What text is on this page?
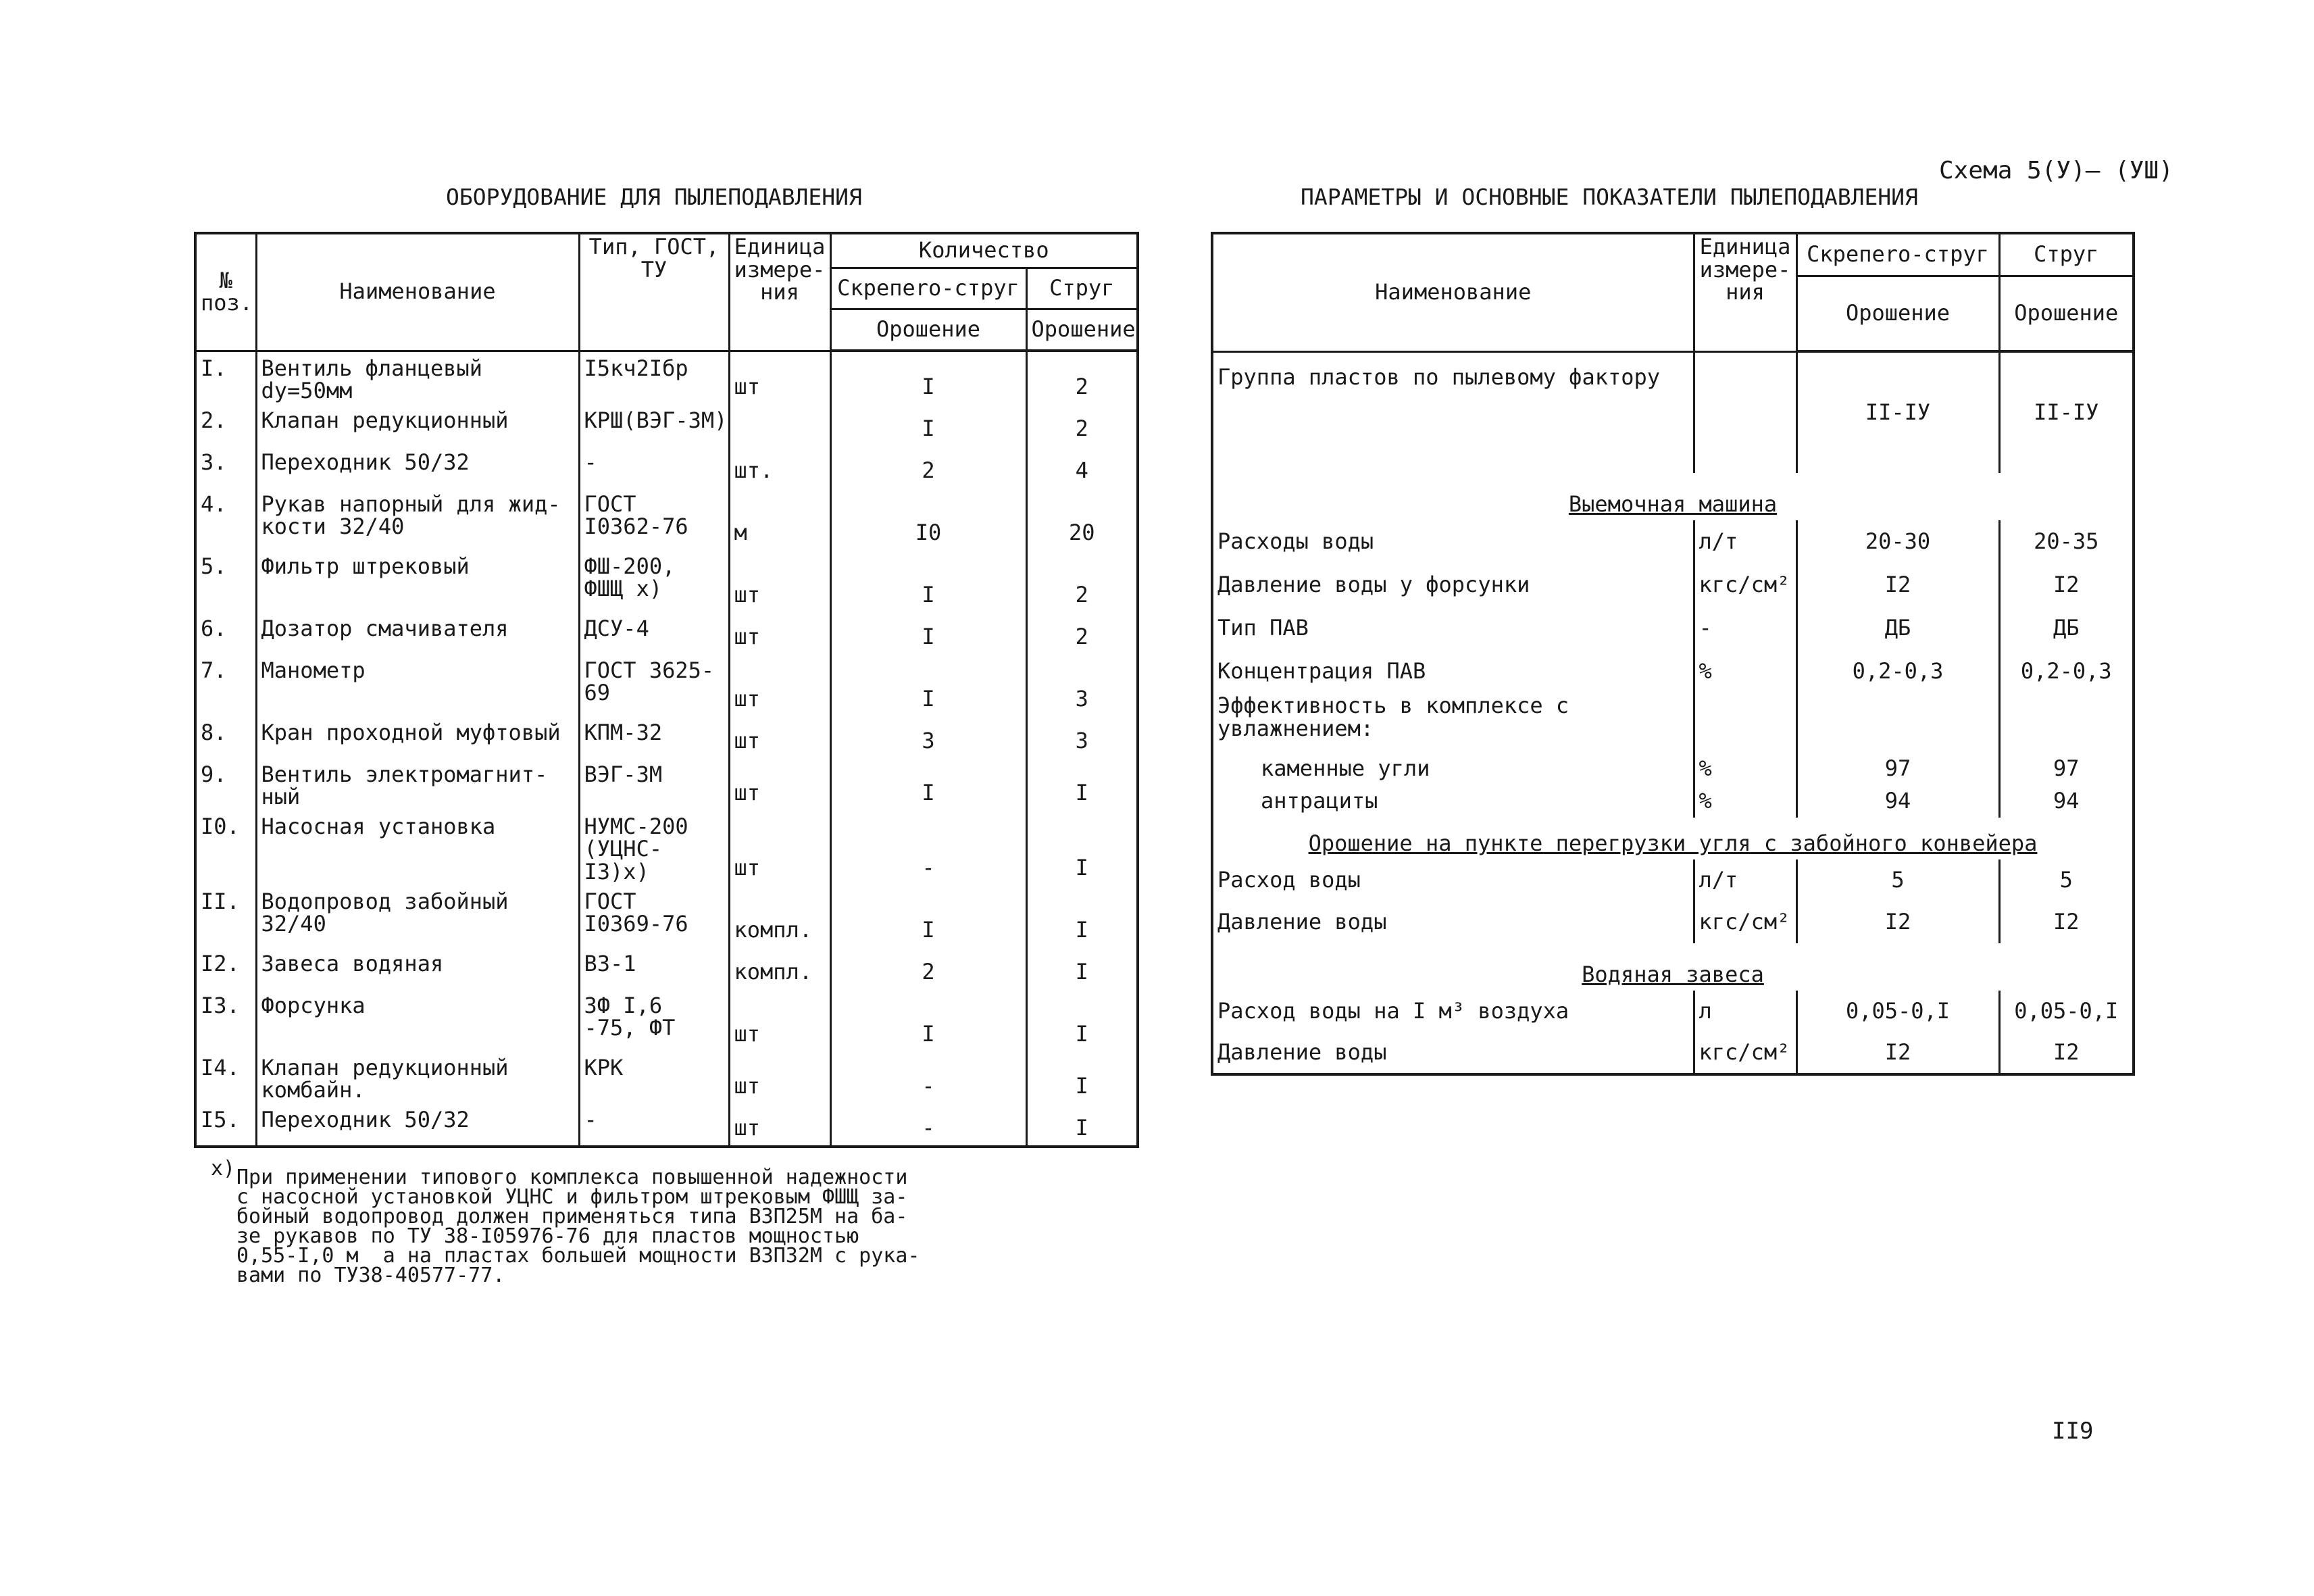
Схема 5(У)— (УШ)
ОБОРУДОВАНИЕ ДЛЯ ПЫЛЕПОДАВЛЕНИЯ	ПАРАМЕТРЫ И ОСНОВНЫЕ ПОКАЗАТЕЛИ ПЫЛЕПОДАВЛЕНИЯ
№ поз.	Наименование	Тип, ГОСТ, ТУ	Единица измере-ния	Количество	
				Скрепero-струг	Струг
				Орошение	Орошение
I.	Вентиль фланцевый dу=50мм	I5кч2Iбр	шт	I	2
2.	Клапан редукционный	КРШ(ВЭГ-3М)		I	2
3.	Переходник 50/32	-	шт.	2	4
4.	Рукав напорный для жид-кости 32/40	ГОСТ I0362-76	м	I0	20
5.	Фильтр штрековый	ФШ-200, ФШЩ х)	шт	I	2
6.	Дозатор смачивателя	ДСУ-4	шт	I	2
7.	Манометр	ГОСТ 3625-69	шт	I	3
8.	Кран проходной муфтовый	КПМ-32	шт	3	3
9.	Вентиль электромагнит-ный	ВЭГ-3М	шт	I	I
I0.	Насосная установка	НУМС-200 (УЦНС-I3)х)	шт	-	I
II.	Водопровод забойный 32/40	ГОСТ I0369-76	компл.	I	I
I2.	Завеса водяная	ВЗ-1	компл.	2	I
I3.	Форсунка	3Ф I,6 -75, ФТ	шт	I	I
I4.	Клапан редукционный комбайн.	КРК	шт	-	I
I5.	Переходник 50/32	-	шт	-	I
х) При применении типового комплекса повышенной надежности
с насосной установкой УЦНС и фильтром штрековым ФШЩ за-
бойный водопровод должен применяться типа ВЗП25М на ба-
зе рукавов по ТУ 38-I05976-76 для пластов мощностью
0,55-I,0 м  а на пластах большей мощности ВЗП32М с рука-
вами по ТУ38-40577-77.
Наименование	Единица измере-ния	Скрепero-струг	Струг
		Орошение	Орошение
Группа пластов по пылевому фактору		II-IУ	II-IУ
Выемочная машина			
Расходы воды	л/т	20-30	20-35
Давление воды у форсунки	кгс/см²	I2	I2
Тип ПАВ	-	ДБ	ДБ
Концентрация ПАВ	%	0,2-0,3	0,2-0,3
Эффективность в комплексе с увлажнением:			
каменные угли	%	97	97
антрациты	%	94	94
Орошение на пункте перегрузки угля с забойного конвейера			
Расход воды	л/т	5	5
Давление воды	кгс/см²	I2	I2
Водяная завеса			
Расход воды на I м³ воздуха	л	0,05-0,I	0,05-0,I
Давление воды	кгс/см²	I2	I2
II9
